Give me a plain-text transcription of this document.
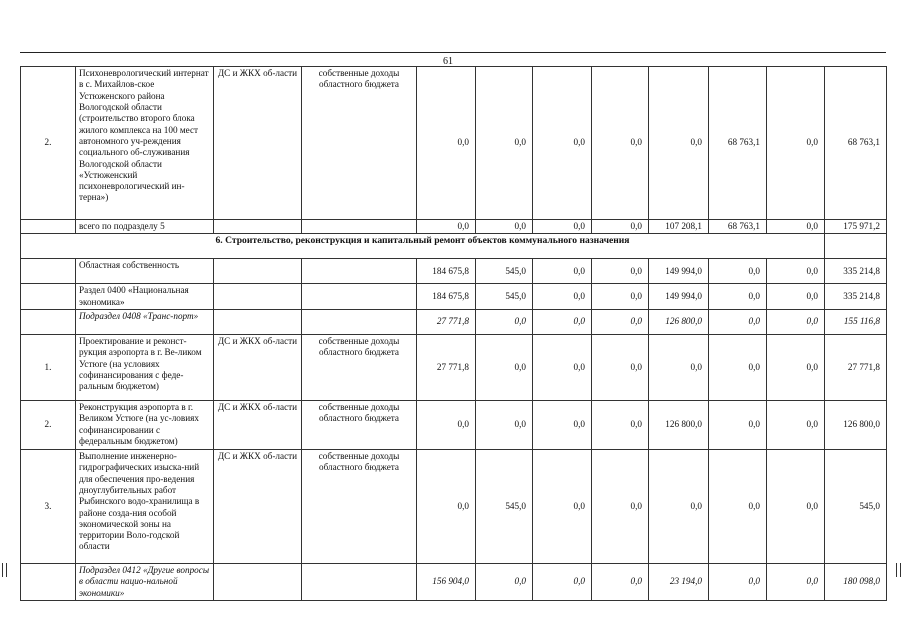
61
2.	Психоневрологический интернат в с. Михайлов-ское Устюженского района Вологодской области (строительство второго блока жилого комплекса на 100 мест автономного уч-реждения социального об-служивания Вологодской области «Устюженский психоневрологический ин-терна»)	ДС и ЖКХ об-ласти	собственные доходы областного бюджета	0,0	0,0	0,0	0,0	0,0	68 763,1	0,0	68 763,1
	всего по подразделу 5			0,0	0,0	0,0	0,0	107 208,1	68 763,1	0,0	175 971,2
6. Строительство, реконструкция и капитальный ремонт объектов коммунального назначения											
	Областная собственность			184 675,8	545,0	0,0	0,0	149 994,0	0,0	0,0	335 214,8
	Раздел 0400 «Национальная экономика»			184 675,8	545,0	0,0	0,0	149 994,0	0,0	0,0	335 214,8
	Подраздел 0408 «Транс-порт»			27 771,8	0,0	0,0	0,0	126 800,0	0,0	0,0	155 116,8
1.	Проектирование и реконст-рукция аэропорта в г. Ве-ликом Устюге (на условиях софинансирования с феде-ральным бюджетом)	ДС и ЖКХ об-ласти	собственные доходы областного бюджета	27 771,8	0,0	0,0	0,0	0,0	0,0	0,0	27 771,8
2.	Реконструкция аэропорта в г. Великом Устюге (на ус-ловиях софинансировании с федеральным бюджетом)	ДС и ЖКХ об-ласти	собственные доходы областного бюджета	0,0	0,0	0,0	0,0	126 800,0	0,0	0,0	126 800,0
3.	Выполнение инженерно-гидрографических изыска-ний для обеспечения про-ведения дноуглубительных работ Рыбинского водо-хранилища в районе созда-ния особой экономической зоны на территории Воло-годской области	ДС и ЖКХ об-ласти	собственные доходы областного бюджета	0,0	545,0	0,0	0,0	0,0	0,0	0,0	545,0
	Подраздел 0412 «Другие вопросы в области нацио-нальной экономики»			156 904,0	0,0	0,0	0,0	23 194,0	0,0	0,0	180 098,0
